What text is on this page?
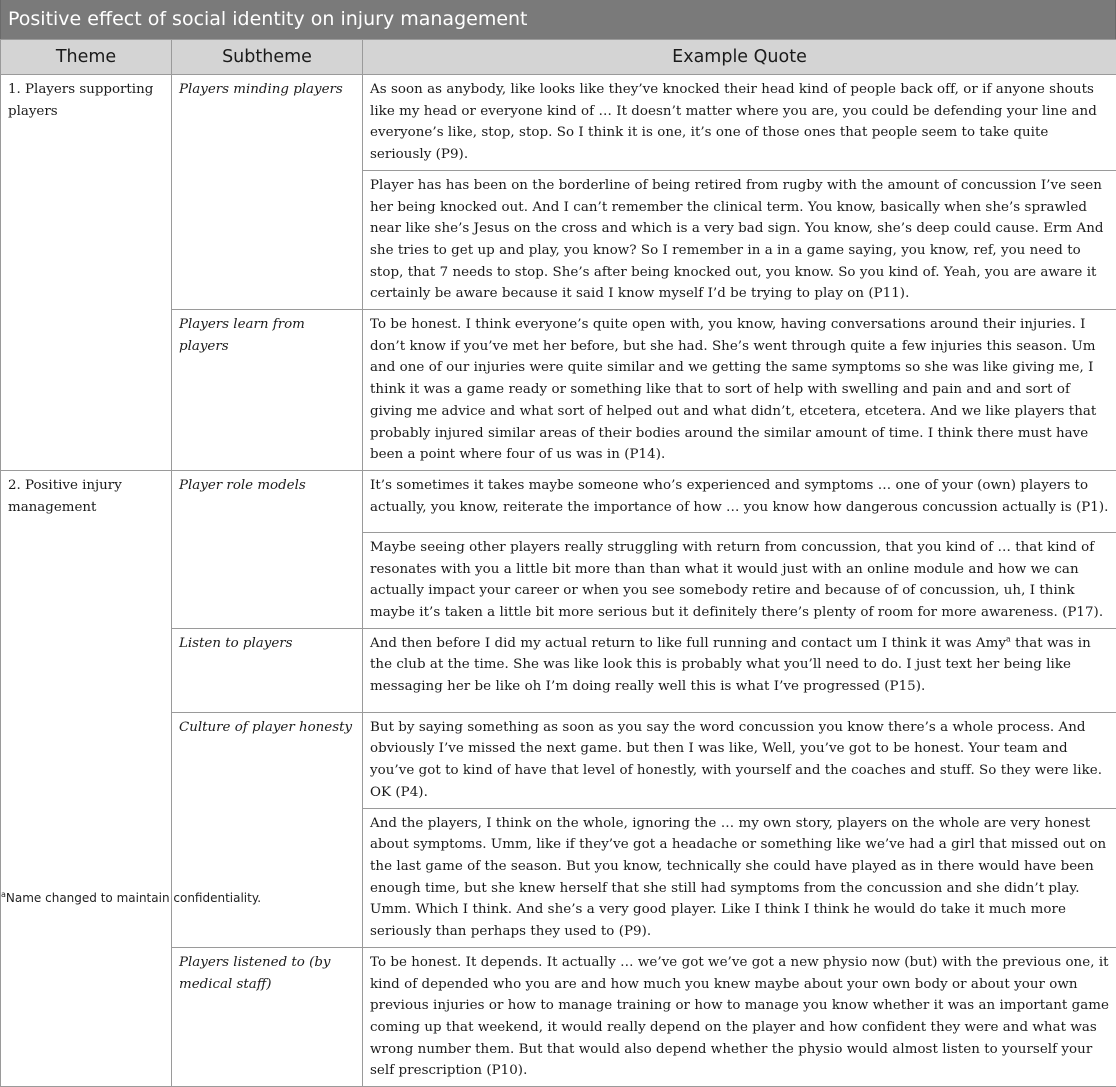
Positive effect of social identity on injury management
Theme	Subtheme	Example Quote
1. Players supporting players	Players minding players	As soon as anybody, like looks like they’ve knocked their head kind of people back off, or if anyone shouts like my head or everyone kind of … It doesn’t matter where you are, you could be defending your line and everyone’s like, stop, stop. So I think it is one, it’s one of those ones that people seem to take quite seriously (P9).
		Player has has been on the borderline of being retired from rugby with the amount of concussion I’ve seen her being knocked out. And I can’t remember the clinical term. You know, basically when she’s sprawled near like she’s Jesus on the cross and which is a very bad sign. You know, she’s deep could cause. Erm And she tries to get up and play, you know? So I remember in a in a game saying, you know, ref, you need to stop, that 7 needs to stop. She’s after being knocked out, you know. So you kind of. Yeah, you are aware it certainly be aware because it said I know myself I’d be trying to play on (P11).
	Players learn from players	To be honest. I think everyone’s quite open with, you know, having conversations around their injuries. I don’t know if you’ve met her before, but she had. She’s went through quite a few injuries this season. Um and one of our injuries were quite similar and we getting the same symptoms so she was like giving me, I think it was a game ready or something like that to sort of help with swelling and pain and and sort of giving me advice and what sort of helped out and what didn’t, etcetera, etcetera. And we like players that probably injured similar areas of their bodies around the similar amount of time. I think there must have been a point where four of us was in (P14).
2. Positive injury management	Player role models	It’s sometimes it takes maybe someone who’s experienced and symptoms … one of your (own) players to actually, you know, reiterate the importance of how … you know how dangerous concussion actually is (P1).
		Maybe seeing other players really struggling with return from concussion, that you kind of … that kind of resonates with you a little bit more than than what it would just with an online module and how we can actually impact your career or when you see somebody retire and because of of concussion, uh, I think maybe it’s taken a little bit more serious but it definitely there’s plenty of room for more awareness. (P17).
	Listen to players	And then before I did my actual return to like full running and contact um I think it was Amy$^a$ that was in the club at the time. She was like look this is probably what you’ll need to do. I just text her being like messaging her be like oh I’m doing really well this is what I’ve progressed (P15).
	Culture of player honesty	But by saying something as soon as you say the word concussion you know there’s a whole process. And obviously I’ve missed the next game. but then I was like, Well, you’ve got to be honest. Your team and you’ve got to kind of have that level of honestly, with yourself and the coaches and stuff. So they were like. OK (P4).
		And the players, I think on the whole, ignoring the … my own story, players on the whole are very honest about symptoms. Umm, like if they’ve got a headache or something like we’ve had a girl that missed out on the last game of the season. But you know, technically she could have played as in there would have been enough time, but she knew herself that she still had symptoms from the concussion and she didn’t play. Umm. Which I think. And she’s a very good player. Like I think I think he would do take it much more seriously than perhaps they used to (P9).
	Players listened to (by medical staff)	To be honest. It depends. It actually … we’ve got we’ve got a new physio now (but) with the previous one, it kind of depended who you are and how much you knew maybe about your own body or about your own previous injuries or how to manage training or how to manage you know whether it was an important game coming up that weekend, it would really depend on the player and how confident they were and what was wrong number them. But that would also depend whether the physio would almost listen to yourself your self prescription (P10).
$^a$Name changed to maintain confidentiality.
